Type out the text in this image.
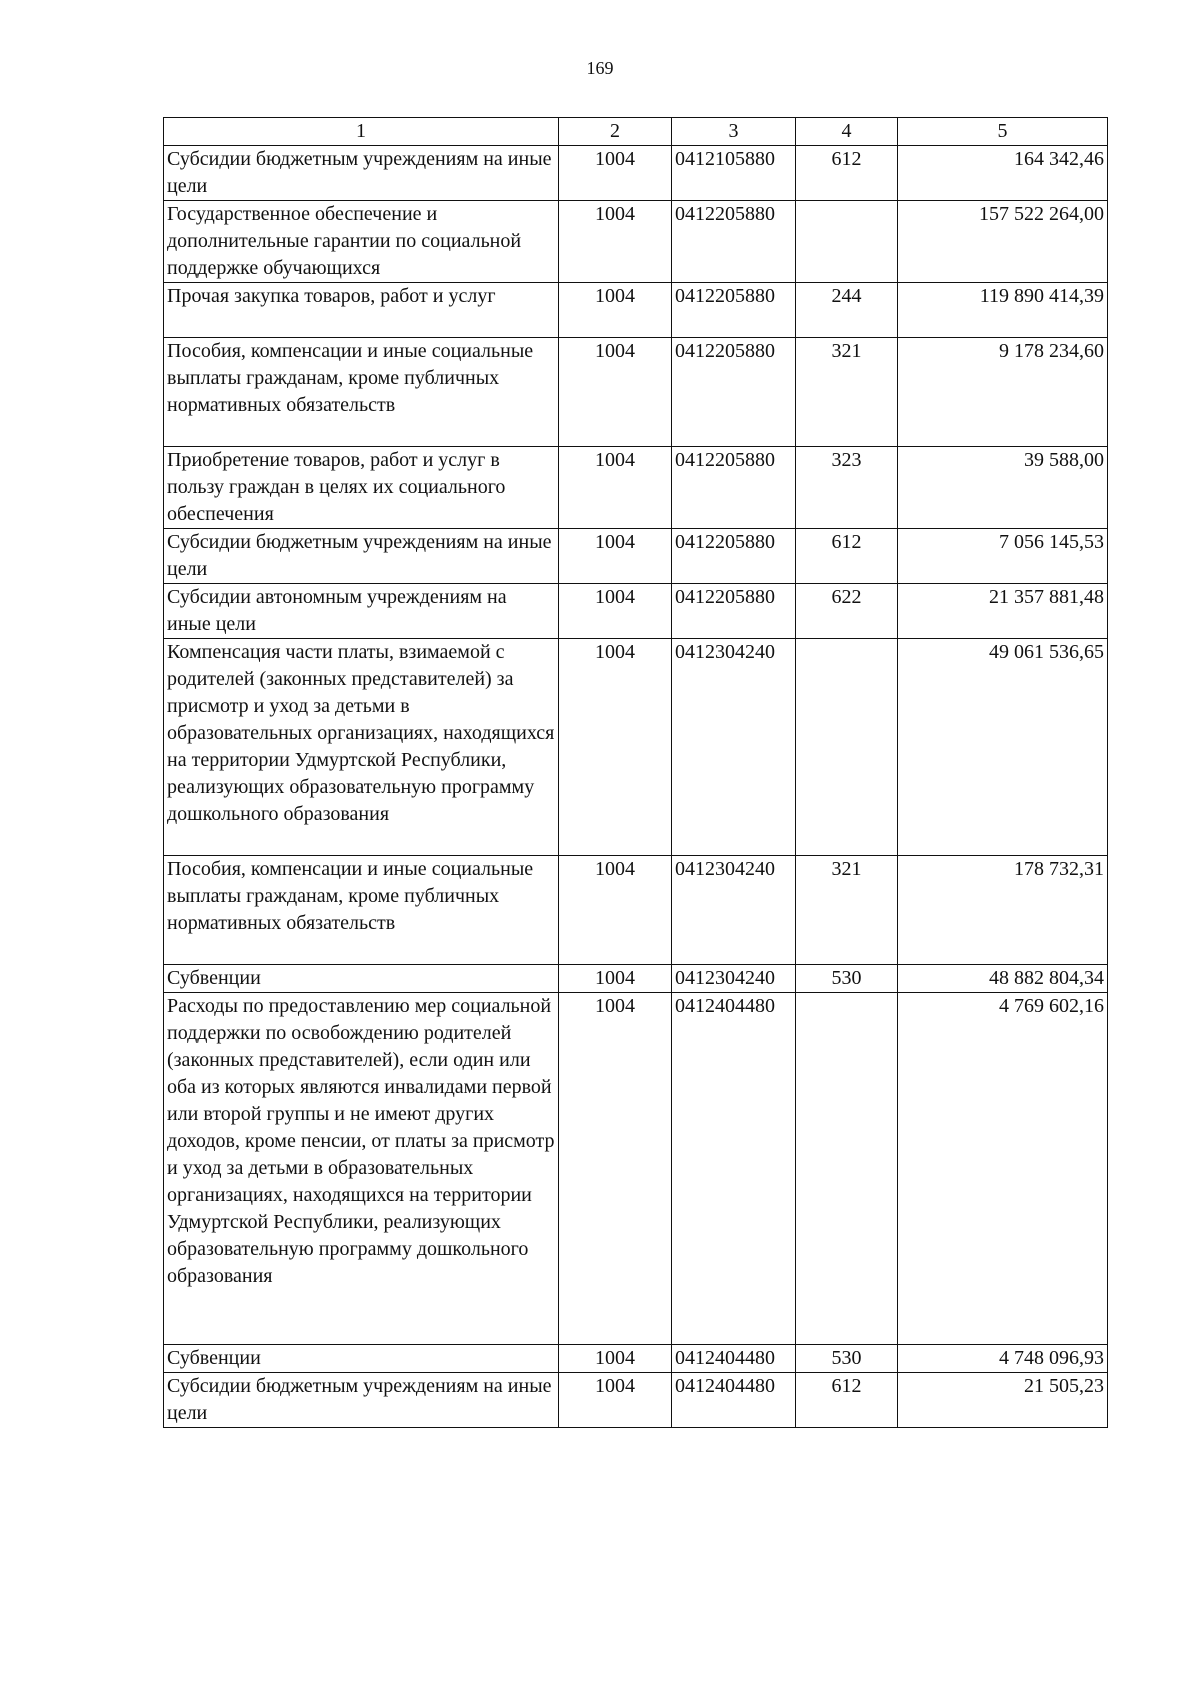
169
1	2	3	4	5
Субсидии бюджетным учреждениям на иные цели	1004	0412105880	612	164 342,46
Государственное обеспечение и дополнительные гарантии по социальной поддержке обучающихся	1004	0412205880		157 522 264,00
Прочая закупка товаров, работ и услуг	1004	0412205880	244	119 890 414,39
Пособия, компенсации и иные социальные выплаты гражданам, кроме публичных нормативных обязательств	1004	0412205880	321	9 178 234,60
Приобретение товаров, работ и услуг в пользу граждан в целях их социального обеспечения	1004	0412205880	323	39 588,00
Субсидии бюджетным учреждениям на иные цели	1004	0412205880	612	7 056 145,53
Субсидии автономным учреждениям на иные цели	1004	0412205880	622	21 357 881,48
Компенсация части платы, взимаемой с родителей (законных представителей) за присмотр и уход за детьми в образовательных организациях, находящихся на территории Удмуртской Республики, реализующих образовательную программу дошкольного образования	1004	0412304240		49 061 536,65
Пособия, компенсации и иные социальные выплаты гражданам, кроме публичных нормативных обязательств	1004	0412304240	321	178 732,31
Субвенции	1004	0412304240	530	48 882 804,34
Расходы по предоставлению мер социальной поддержки по освобождению родителей (законных представителей), если один или оба из которых являются инвалидами первой или второй группы и не имеют других доходов, кроме пенсии, от платы за присмотр и уход за детьми в образовательных организациях, находящихся на территории Удмуртской Республики, реализующих образовательную программу дошкольного образования	1004	0412404480		4 769 602,16
Субвенции	1004	0412404480	530	4 748 096,93
Субсидии бюджетным учреждениям на иные цели	1004	0412404480	612	21 505,23
